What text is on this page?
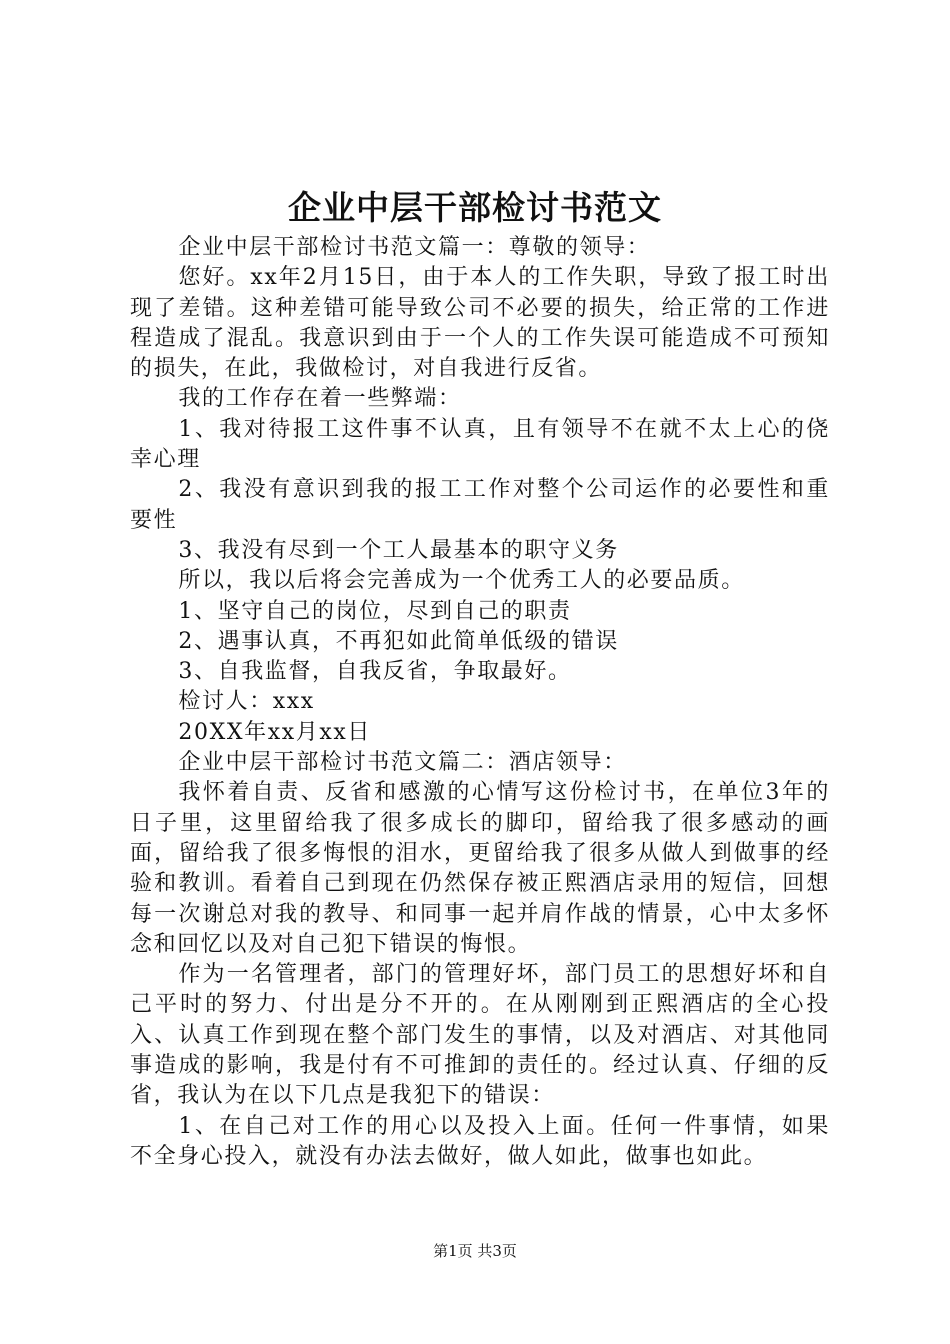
企业中层干部检讨书范文

企业中层干部检讨书范文篇一：尊敬的领导：

您好。xx年2月15日，由于本人的工作失职，导致了报工时出现了差错。这种差错可能导致公司不必要的损失，给正常的工作进程造成了混乱。我意识到由于一个人的工作失误可能造成不可预知的损失，在此，我做检讨，对自我进行反省。

我的工作存在着一些弊端：

1、我对待报工这件事不认真，且有领导不在就不太上心的侥幸心理

2、我没有意识到我的报工工作对整个公司运作的必要性和重要性

3、我没有尽到一个工人最基本的职守义务

所以，我以后将会完善成为一个优秀工人的必要品质。

1、坚守自己的岗位，尽到自己的职责

2、遇事认真，不再犯如此简单低级的错误

3、自我监督，自我反省，争取最好。

检讨人：xxx

20XX年xx月xx日

企业中层干部检讨书范文篇二：酒店领导：

我怀着自责、反省和感激的心情写这份检讨书，在单位3年的日子里，这里留给我了很多成长的脚印，留给我了很多感动的画面，留给我了很多悔恨的泪水，更留给我了很多从做人到做事的经验和教训。看着自己到现在仍然保存被正熙酒店录用的短信，回想每一次谢总对我的教导、和同事一起并肩作战的情景，心中太多怀念和回忆以及对自己犯下错误的悔恨。

作为一名管理者，部门的管理好坏，部门员工的思想好坏和自己平时的努力、付出是分不开的。在从刚刚到正熙酒店的全心投入、认真工作到现在整个部门发生的事情，以及对酒店、对其他同事造成的影响，我是付有不可推卸的责任的。经过认真、仔细的反省，我认为在以下几点是我犯下的错误：

1、在自己对工作的用心以及投入上面。任何一件事情，如果不全身心投入，就没有办法去做好，做人如此，做事也如此。

第1页 共3页
